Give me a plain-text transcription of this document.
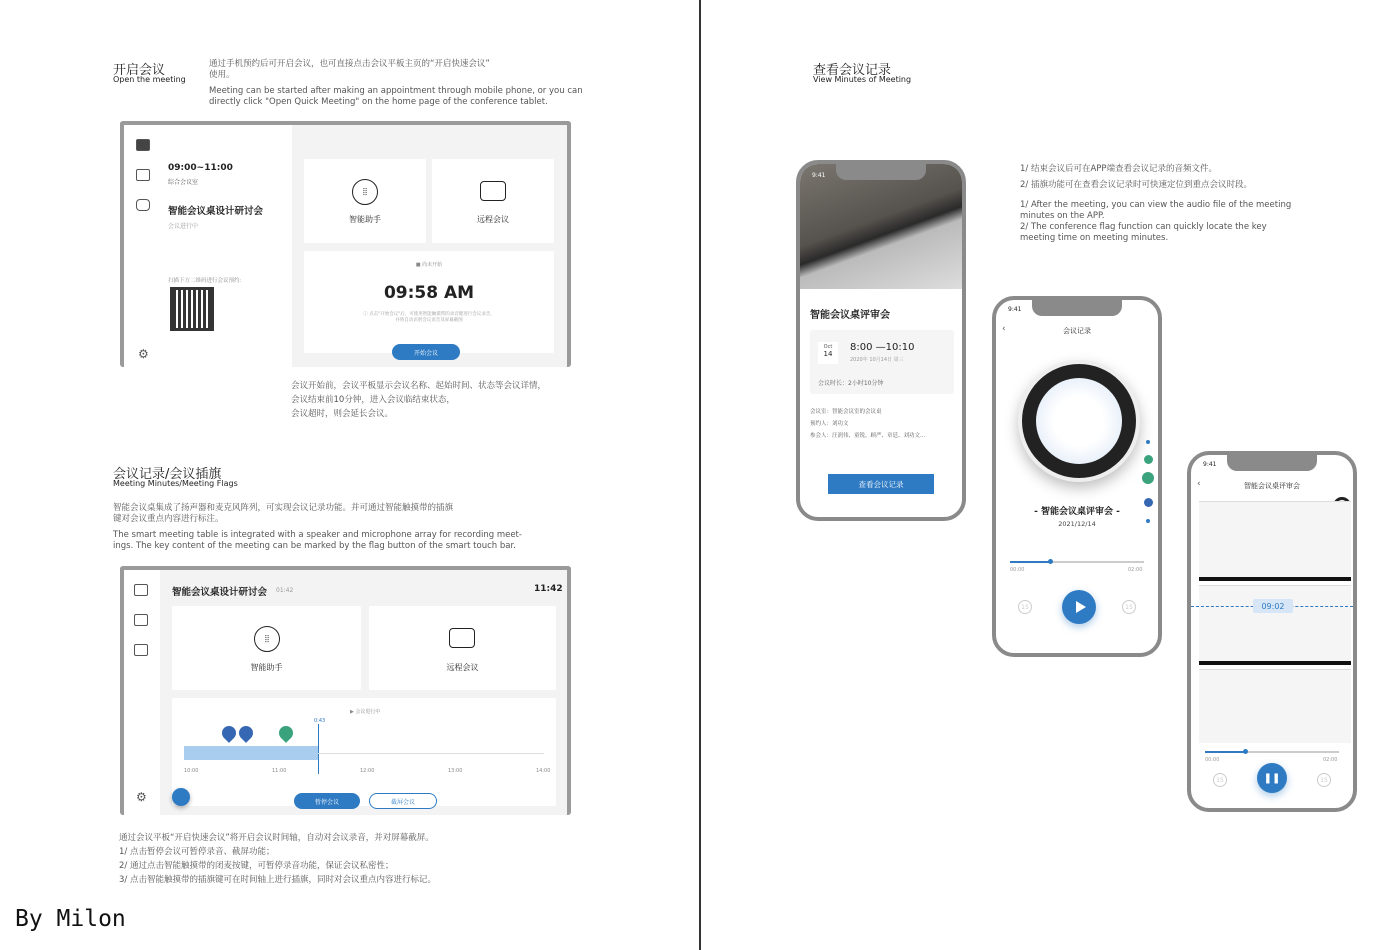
开启会议
Open the meeting
通过手机预约后可开启会议，也可直接点击会议平板主页的“开启快速会议”
使用。
Meeting can be started after making an appointment through mobile phone, or you can
directly click "Open Quick Meeting" on the home page of the conference tablet.
09:00~11:00
综合会议室
智能会议桌设计研讨会
会议进行中
扫描下方二维码进行会议预约：
⚙
⦙⦙
智能助手	远程会议
■ 尚未开始
09:58 AM
ⓘ 点击"开始会议"后，可使用智能触摸带的录音键进行会议录音，
并将自动识别会议语音及屏幕截图
开始会议
会议开始前，会议平板显示会议名称、起始时间、状态等会议详情，
会议结束前10分钟，进入会议临结束状态，
会议超时，则会延长会议。
会议记录/会议插旗
Meeting Minutes/Meeting Flags
智能会议桌集成了扬声器和麦克风阵列，可实现会议记录功能。并可通过智能触摸带的插旗
键对会议重点内容进行标注。
The smart meeting table is integrated with a speaker and microphone array for recording meet-
ings. The key content of the meeting can be marked by the flag button of the smart touch bar.
⚙
智能会议桌设计研讨会 01:42	11:42
⦙⦙
智能助手	远程会议
▶ 会议进行中
0:43
10:00	11:00	12:00	13:00	14:00
暂停会议	截屏会议
通过会议平板“开启快速会议”将开启会议时间轴，自动对会议录音，并对屏幕截屏。
1/ 点击暂停会议可暂停录音、截屏功能；
2/ 通过点击智能触摸带的闭麦按键，可暂停录音功能，保证会议私密性；
3/ 点击智能触摸带的插旗键可在时间轴上进行插旗，同时对会议重点内容进行标记。
By Milon
查看会议记录
View Minutes of Meeting
1/ 结束会议后可在APP端查看会议记录的音频文件。
2/ 插旗功能可在查看会议记录时可快速定位到重点会议时段。
1/ After the meeting, you can view the audio file of the meeting
minutes on the APP.
2/ The conference flag function can quickly locate the key
meeting time on meeting minutes.
9:41
智能会议桌评审会
Oct
14
8:00 —10:10
2020年 10月14日 周三
会议时长：2小时10分钟
会议室：智能会议室的会议桌
预约人：刘功文
参会人：汪润伟、童锐、顾严、章廷、刘功文...
查看会议记录
9:41
‹	会议记录
- 智能会议桌评审会 -
2021/12/14
00:00	02:00
15	15
9:41
‹	智能会议桌评审会
09:02
00:00	02:00
15	❚❚	15
